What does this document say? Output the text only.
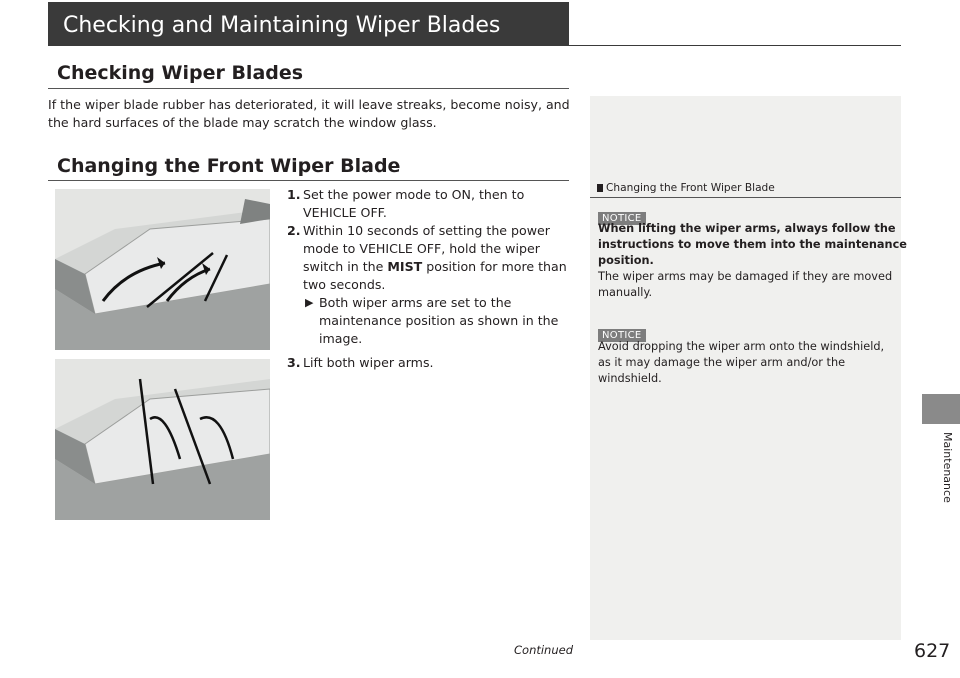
Checking and Maintaining Wiper Blades
Checking Wiper Blades
If the wiper blade rubber has deteriorated, it will leave streaks, become noisy, and
the hard surfaces of the blade may scratch the window glass.
Changing the Front Wiper Blade
1. Set the power mode to ON, then to
VEHICLE OFF.
2. Within 10 seconds of setting the power
mode to VEHICLE OFF, hold the wiper
switch in the MIST position for more than
two seconds.
▶ Both wiper arms are set to the
maintenance position as shown in the
image.
3. Lift both wiper arms.
Changing the Front Wiper Blade
NOTICE
When lifting the wiper arms, always follow the
instructions to move them into the maintenance
position.
The wiper arms may be damaged if they are moved
manually.
NOTICE
Avoid dropping the wiper arm onto the windshield,
as it may damage the wiper arm and/or the
windshield.
Maintenance
Continued	627
